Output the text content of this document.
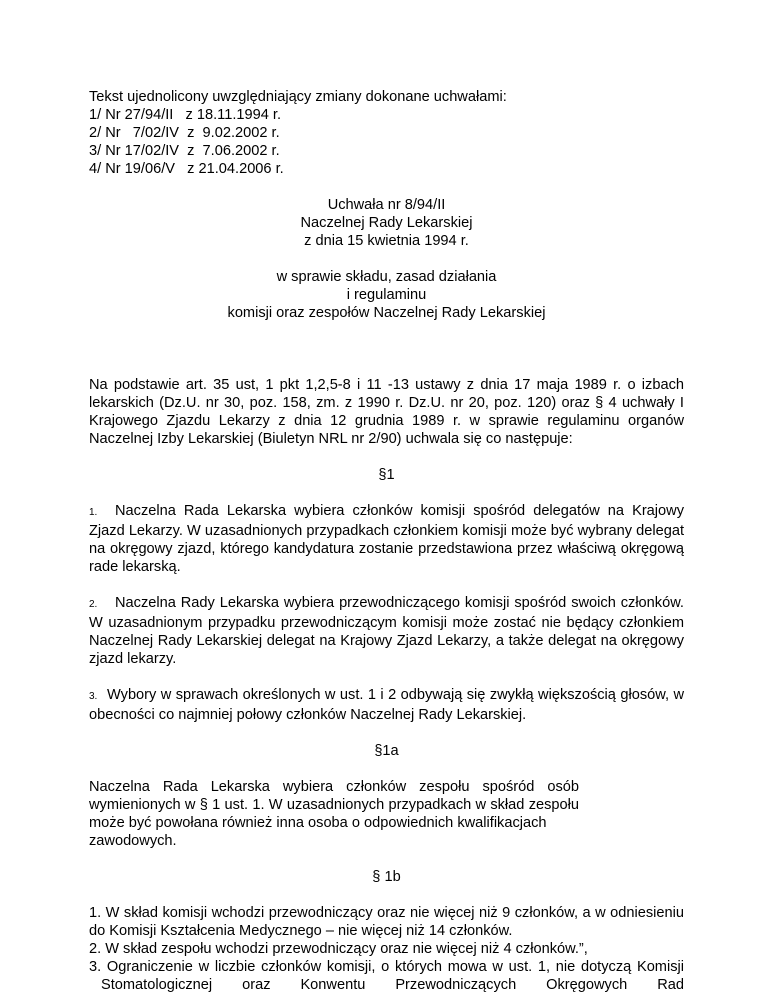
Tekst ujednolicony uwzględniający zmiany dokonane uchwałami:
1/ Nr 27/94/II   z 18.11.1994 r.
2/ Nr   7/02/IV  z  9.02.2002 r.
3/ Nr 17/02/IV  z  7.06.2002 r.
4/ Nr 19/06/V   z 21.04.2006 r.
Uchwała nr 8/94/II
Naczelnej Rady Lekarskiej
z dnia 15 kwietnia 1994 r.
w sprawie składu, zasad działania
i regulaminu
komisji oraz zespołów Naczelnej Rady Lekarskiej

Na podstawie art. 35 ust, 1 pkt 1,2,5-8 i 11 -13 ustawy z dnia 17 maja 1989 r. o izbach lekarskich (Dz.U. nr 30, poz. 158, zm. z 1990 r. Dz.U. nr 20, poz. 120) oraz § 4 uchwały I Krajowego Zjazdu Lekarzy z dnia 12 grudnia 1989 r. w sprawie regulaminu organów Naczelnej Izby Lekarskiej (Biuletyn NRL nr 2/90) uchwala się co następuje:

§1

1. Naczelna Rada Lekarska wybiera członków komisji spośród delegatów na Krajowy Zjazd Lekarzy. W uzasadnionych przypadkach członkiem komisji może być wybrany delegat na okręgowy zjazd, którego kandydatura zostanie przedstawiona przez właściwą okręgową rade lekarską.

2. Naczelna Rady Lekarska wybiera przewodniczącego komisji spośród swoich członków. W uzasadnionym przypadku przewodniczącym komisji może zostać nie będący członkiem Naczelnej Rady Lekarskiej delegat na Krajowy Zjazd Lekarzy, a także delegat na okręgowy zjazd lekarzy.

3. Wybory w sprawach określonych w ust. 1 i 2 odbywają się zwykłą większością głosów, w obecności co najmniej połowy członków Naczelnej Rady Lekarskiej.

§1a

Naczelna Rada Lekarska wybiera członków zespołu spośród osób wymienionych w § 1 ust. 1. W uzasadnionych przypadkach w skład zespołu może być powołana również inna osoba o odpowiednich kwalifikacjach

zawodowych.
§ 1b

1. W skład komisji wchodzi przewodniczący oraz nie więcej niż 9 członków, a w odniesieniu do Komisji Kształcenia Medycznego – nie więcej niż 14 członków.

2. W skład zespołu wchodzi przewodniczący oraz nie więcej niż 4 członków.”,

3. Ograniczenie w liczbie członków komisji, o których mowa w ust. 1, nie dotyczą Komisji Stomatologicznej oraz Konwentu Przewodniczących Okręgowych Rad
